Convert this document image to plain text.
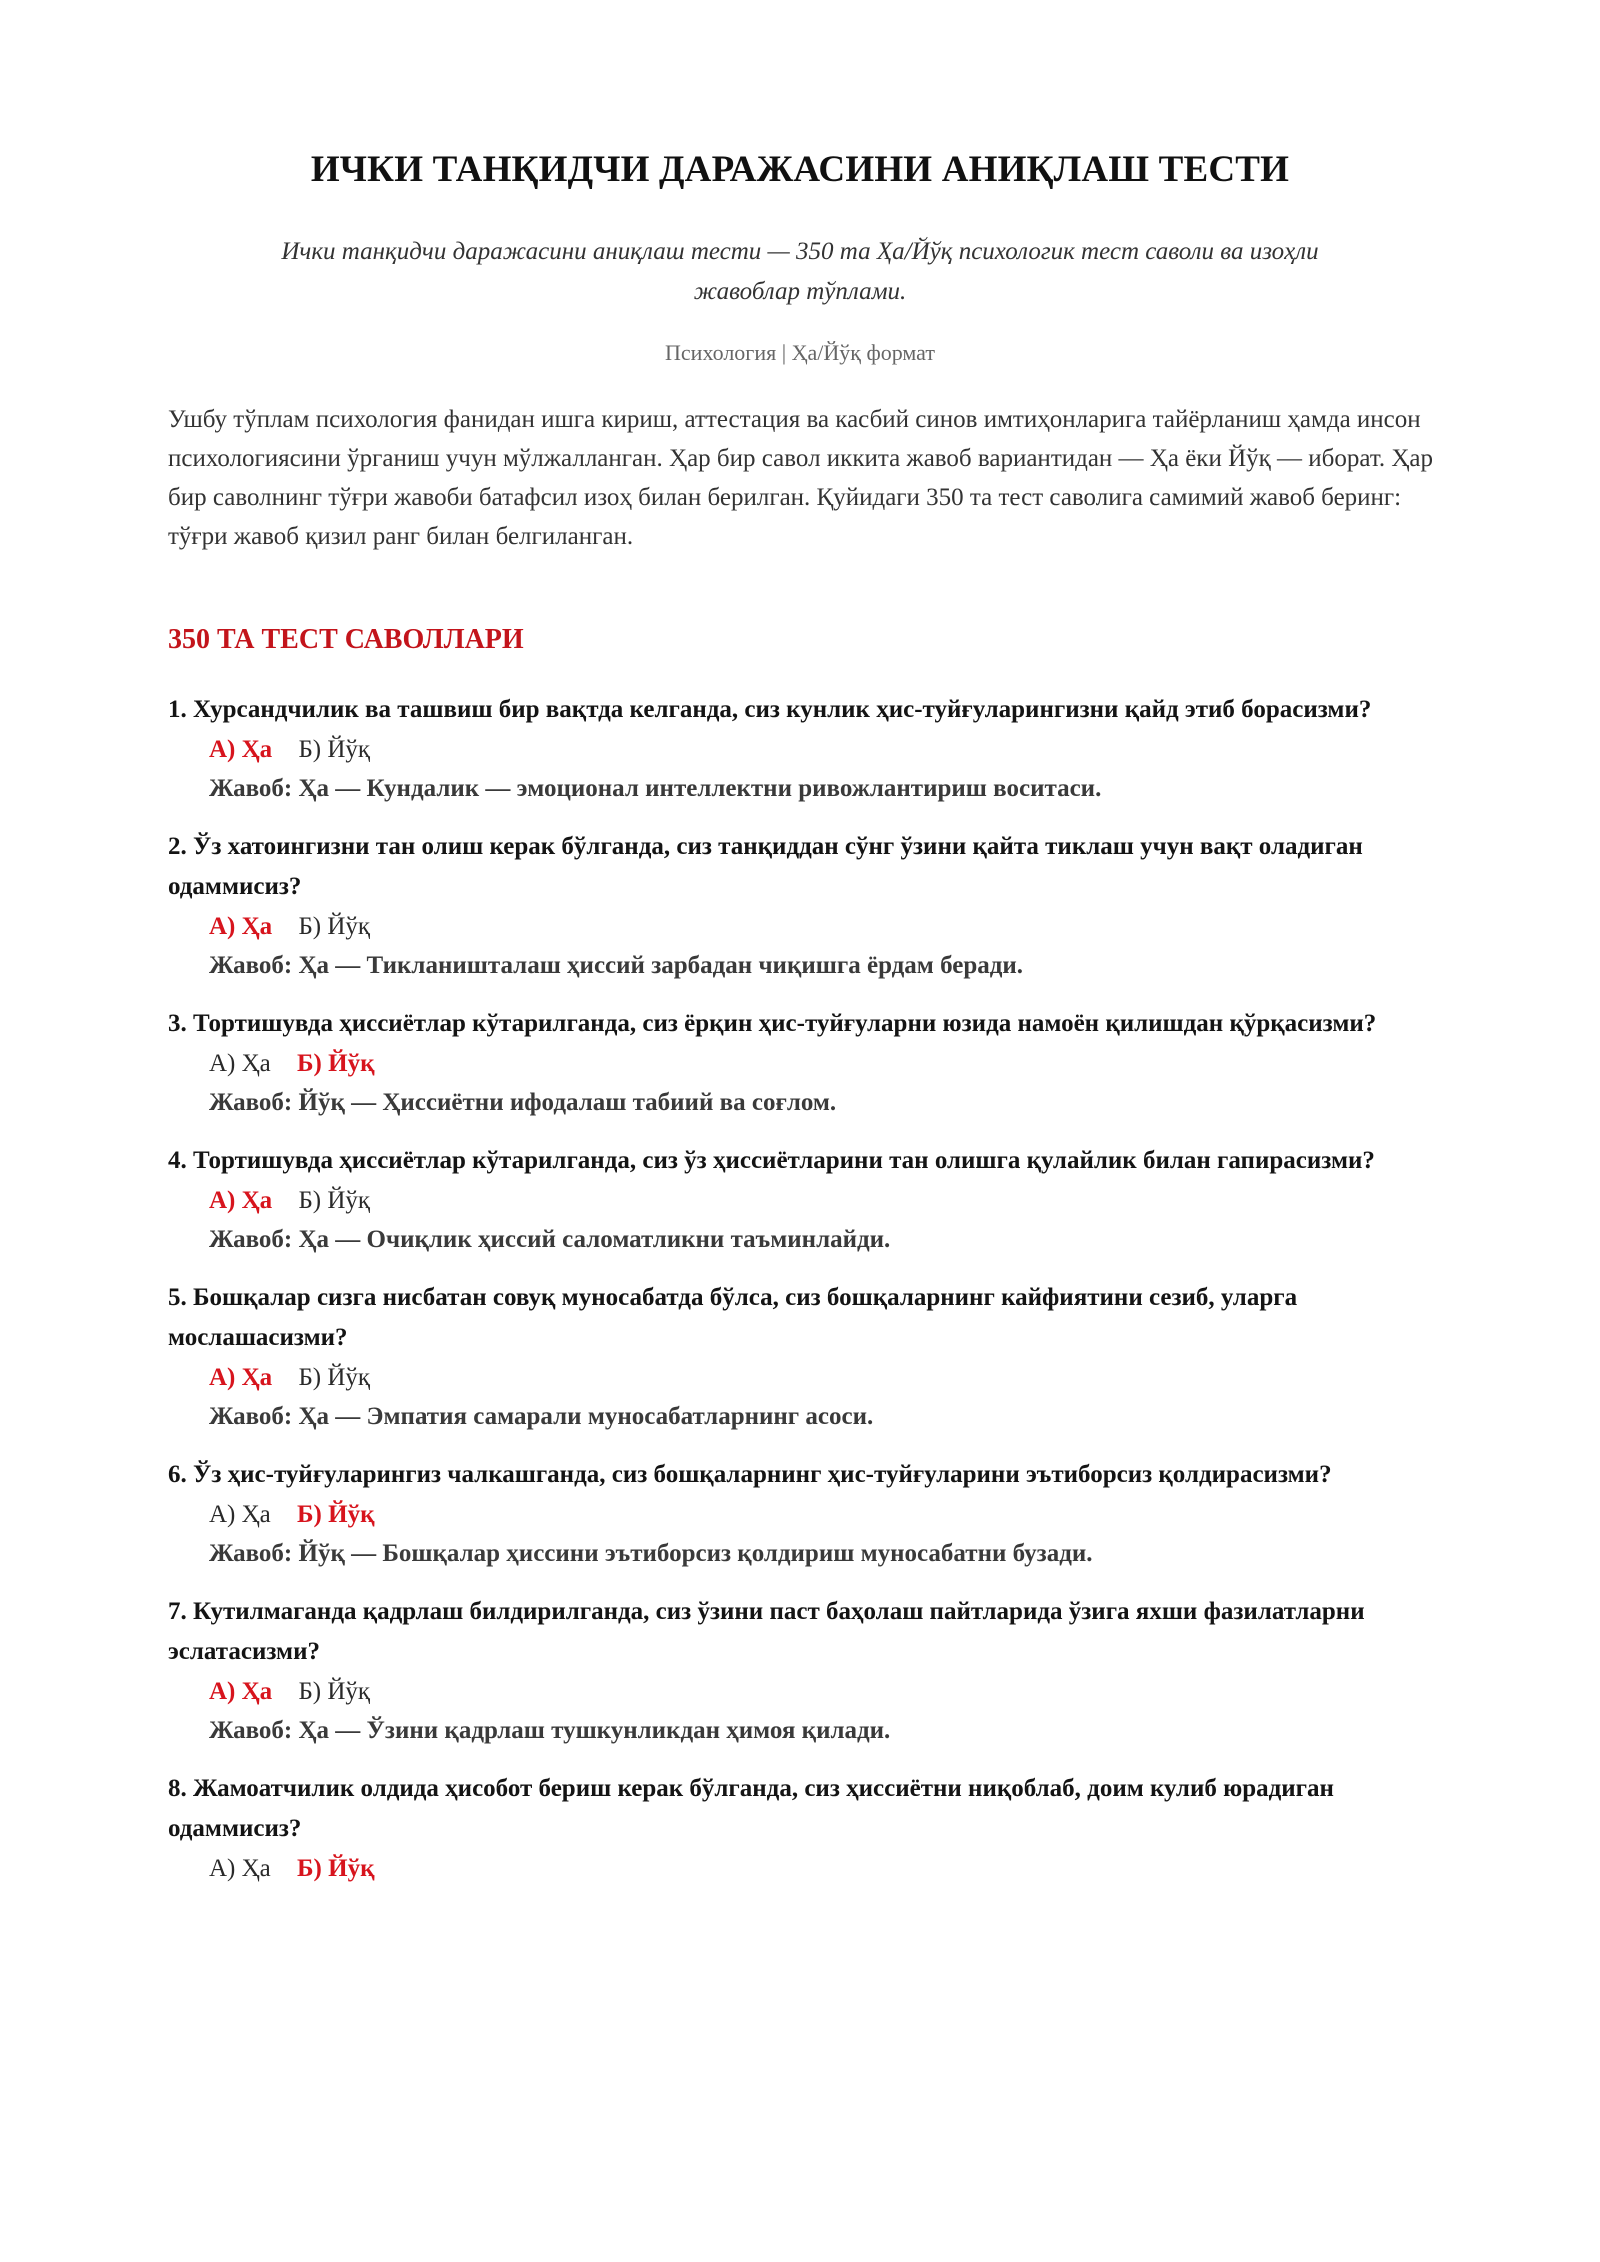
ИЧКИ ТАНҚИДЧИ ДАРАЖАСИНИ АНИҚЛАШ ТЕСТИ

Ички танқидчи даражасини аниқлаш тести — 350 та Ҳа/Йўқ психологик тест саволи ва изоҳли
жавоблар тўплами.

Психология | Ҳа/Йўқ формат

Ушбу тўплам психология фанидан ишга кириш, аттестация ва касбий синов имтиҳонларига тайёрланиш ҳамда инсон психологиясини ўрганиш учун мўлжалланган. Ҳар бир савол иккита жавоб вариантидан — Ҳа ёки Йўқ — иборат. Ҳар бир саволнинг тўғри жавоби батафсил изоҳ билан берилган. Қуйидаги 350 та тест саволига самимий жавоб беринг: тўғри жавоб қизил ранг билан белгиланган.

350 ТА ТЕСТ САВОЛЛАРИ

1. Хурсандчилик ва ташвиш бир вақтда келганда, сиз кунлик ҳис-туйғуларингизни қайд этиб борасизми?

А) Ҳа Б) Йўқ
Жавоб: Ҳа — Кундалик — эмоционал интеллектни ривожлантириш воситаси.

2. Ўз хатоингизни тан олиш керак бўлганда, сиз танқиддан сўнг ўзини қайта тиклаш учун вақт оладиган одаммисиз?

А) Ҳа Б) Йўқ
Жавоб: Ҳа — Тикланишталаш ҳиссий зарбадан чиқишга ёрдам беради.

3. Тортишувда ҳиссиётлар кўтарилганда, сиз ёрқин ҳис-туйғуларни юзида намоён қилишдан қўрқасизми?

А) Ҳа Б) Йўқ
Жавоб: Йўқ — Ҳиссиётни ифодалаш табиий ва соғлом.

4. Тортишувда ҳиссиётлар кўтарилганда, сиз ўз ҳиссиётларини тан олишга қулайлик билан гапирасизми?

А) Ҳа Б) Йўқ
Жавоб: Ҳа — Очиқлик ҳиссий саломатликни таъминлайди.

5. Бошқалар сизга нисбатан совуқ муносабатда бўлса, сиз бошқаларнинг кайфиятини сезиб, уларга мослашасизми?

А) Ҳа Б) Йўқ
Жавоб: Ҳа — Эмпатия самарали муносабатларнинг асоси.

6. Ўз ҳис-туйғуларингиз чалкашганда, сиз бошқаларнинг ҳис-туйғуларини эътиборсиз қолдирасизми?

А) Ҳа Б) Йўқ
Жавоб: Йўқ — Бошқалар ҳиссини эътиборсиз қолдириш муносабатни бузади.

7. Кутилмаганда қадрлаш билдирилганда, сиз ўзини паст баҳолаш пайтларида ўзига яхши фазилатларни эслатасизми?

А) Ҳа Б) Йўқ
Жавоб: Ҳа — Ўзини қадрлаш тушкунликдан ҳимоя қилади.

8. Жамоатчилик олдида ҳисобот бериш керак бўлганда, сиз ҳиссиётни ниқоблаб, доим кулиб юрадиган одаммисиз?

А) Ҳа Б) Йўқ
